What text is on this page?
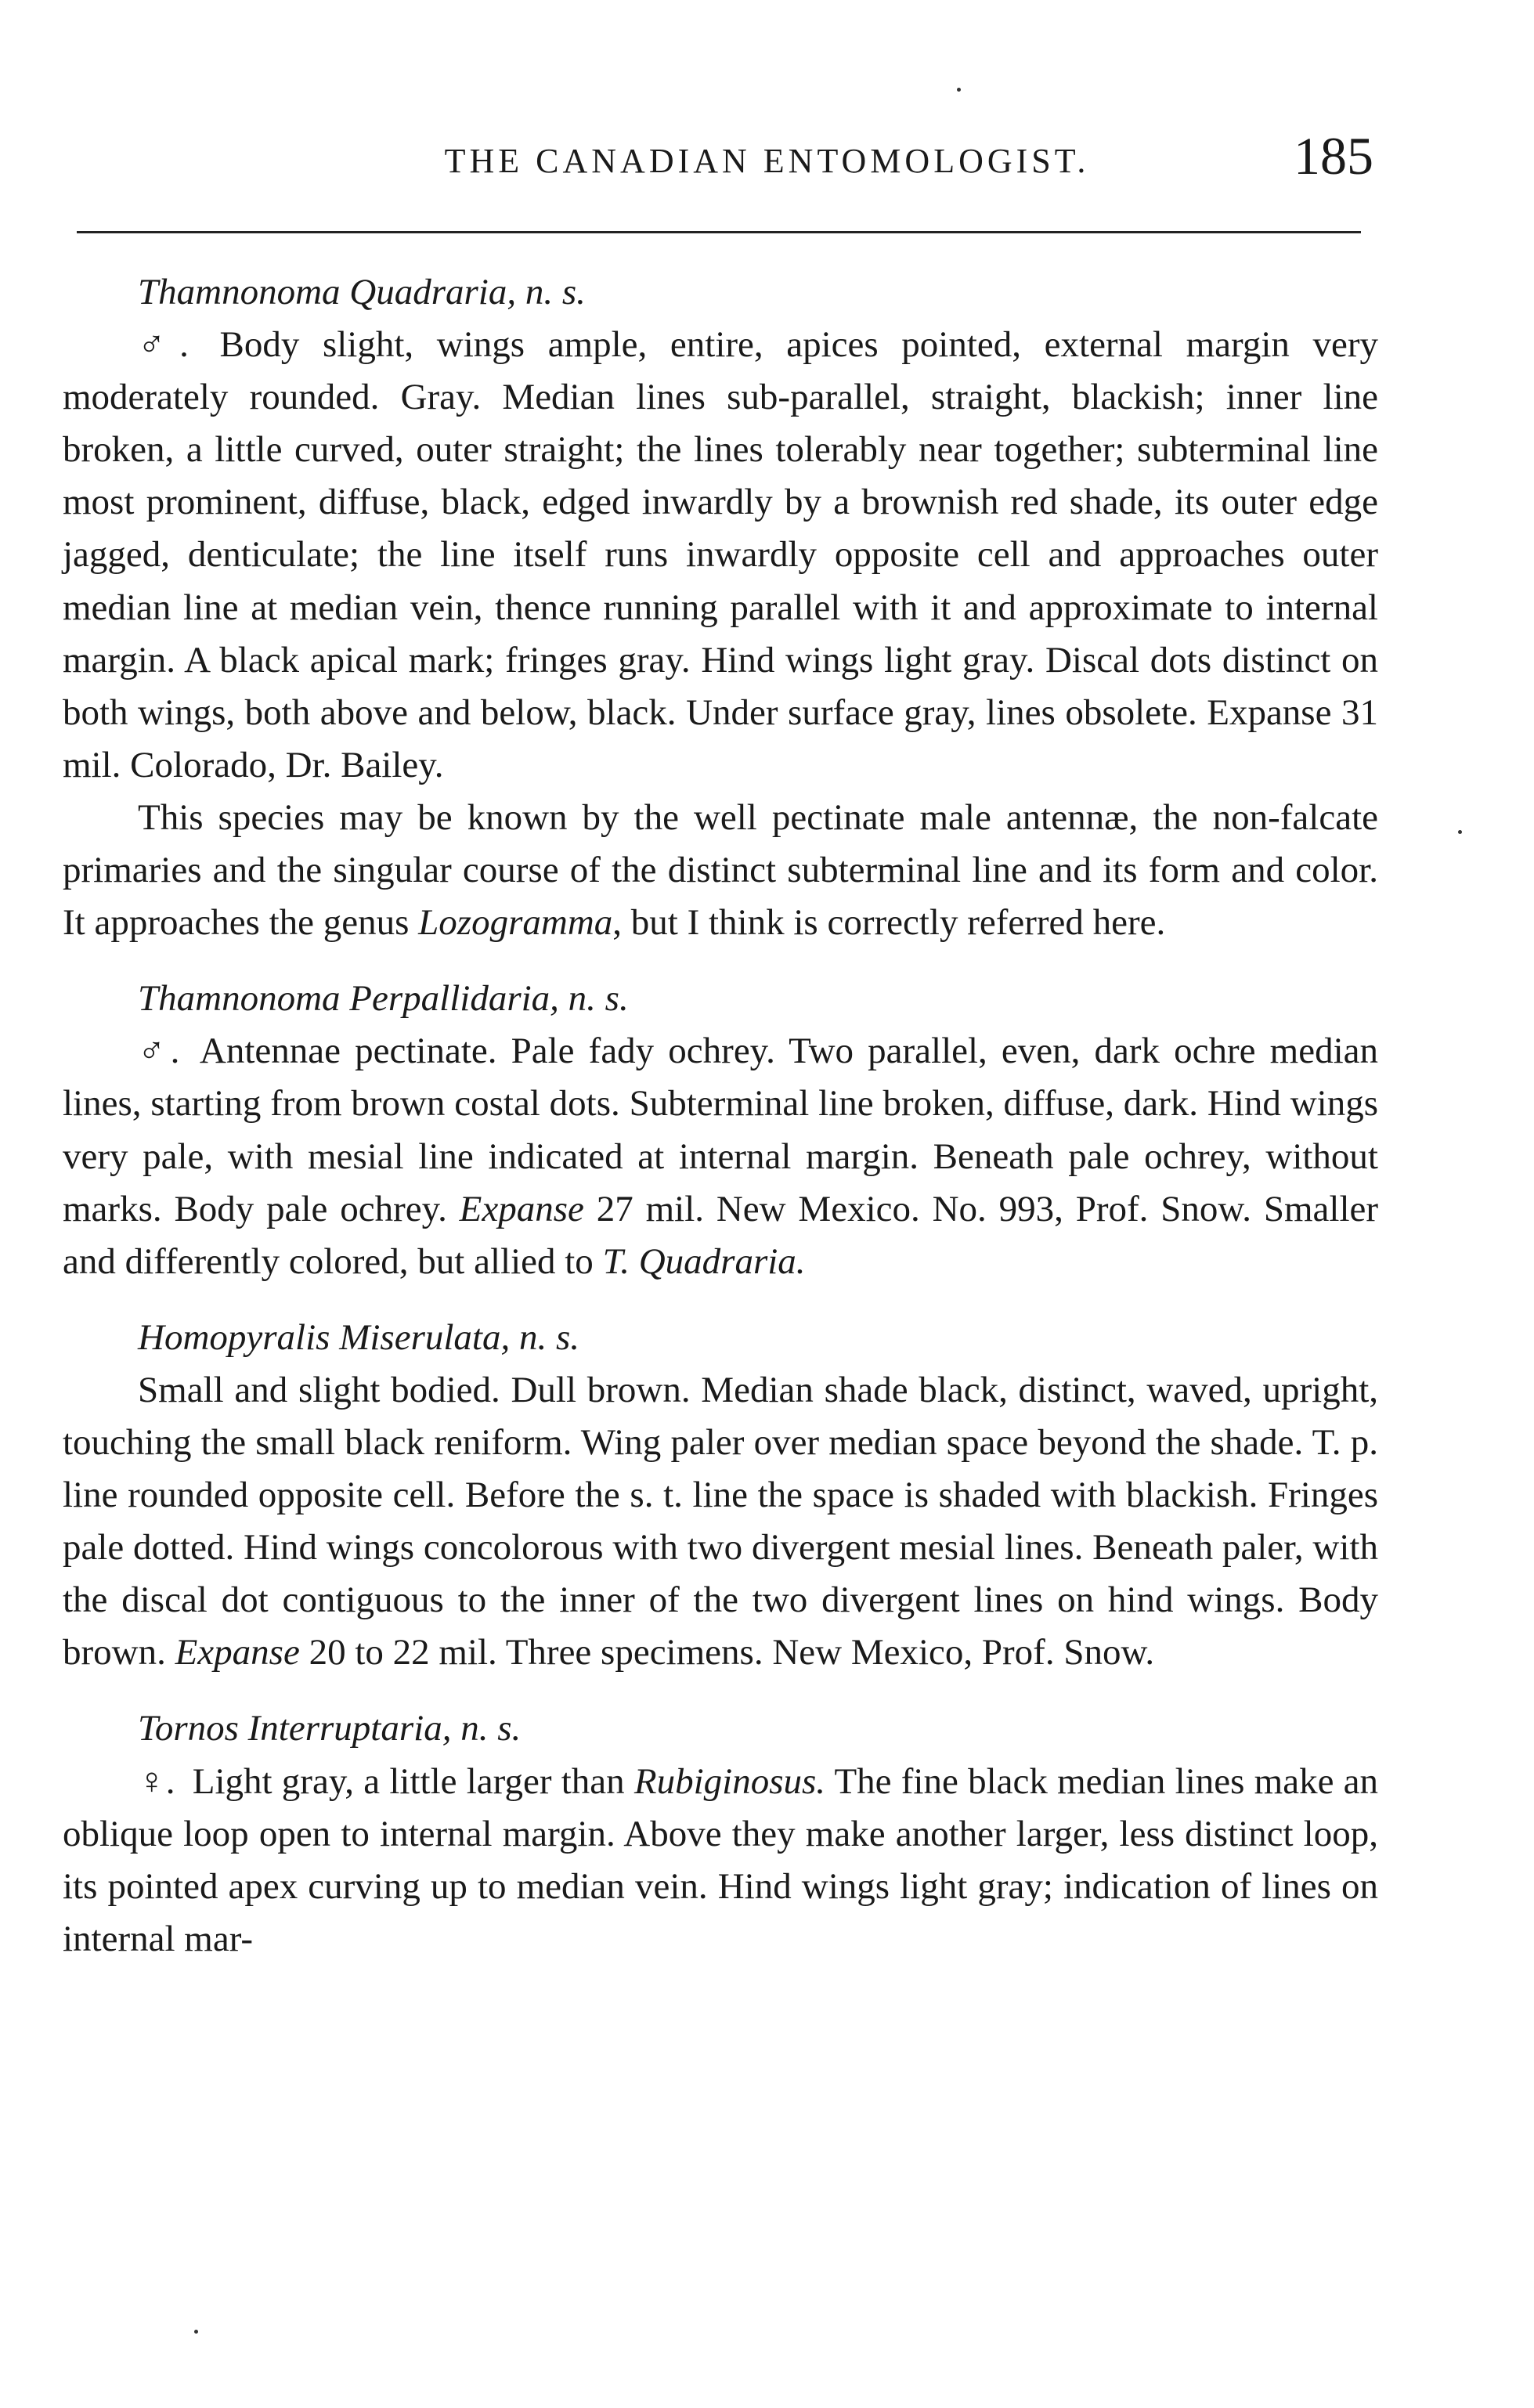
THE CANADIAN ENTOMOLOGIST.	185

Thamnonoma Quadraria, n. s.

♂. Body slight, wings ample, entire, apices pointed, external margin very moderately rounded. Gray. Median lines sub-parallel, straight, blackish; inner line broken, a little curved, outer straight; the lines tolerably near together; subterminal line most prominent, diffuse, black, edged inwardly by a brownish red shade, its outer edge jagged, denticulate; the line itself runs inwardly opposite cell and approaches outer median line at median vein, thence running parallel with it and approximate to internal margin. A black apical mark; fringes gray. Hind wings light gray. Discal dots distinct on both wings, both above and below, black. Under surface gray, lines obsolete. Expanse 31 mil. Colorado, Dr. Bailey.

This species may be known by the well pectinate male antennæ, the non-falcate primaries and the singular course of the distinct subterminal line and its form and color. It approaches the genus Lozogramma, but I think is correctly referred here.

Thamnonoma Perpallidaria, n. s.

♂. Antennae pectinate. Pale fady ochrey. Two parallel, even, dark ochre median lines, starting from brown costal dots. Subterminal line broken, diffuse, dark. Hind wings very pale, with mesial line indicated at internal margin. Beneath pale ochrey, without marks. Body pale ochrey. Expanse 27 mil. New Mexico. No. 993, Prof. Snow. Smaller and differently colored, but allied to T. Quadraria.

Homopyralis Miserulata, n. s.

Small and slight bodied. Dull brown. Median shade black, distinct, waved, upright, touching the small black reniform. Wing paler over median space beyond the shade. T. p. line rounded opposite cell. Before the s. t. line the space is shaded with blackish. Fringes pale dotted. Hind wings concolorous with two divergent mesial lines. Beneath paler, with the discal dot contiguous to the inner of the two divergent lines on hind wings. Body brown. Expanse 20 to 22 mil. Three specimens. New Mexico, Prof. Snow.

Tornos Interruptaria, n. s.

♀. Light gray, a little larger than Rubiginosus. The fine black median lines make an oblique loop open to internal margin. Above they make another larger, less distinct loop, its pointed apex curving up to median vein. Hind wings light gray; indication of lines on internal mar-
